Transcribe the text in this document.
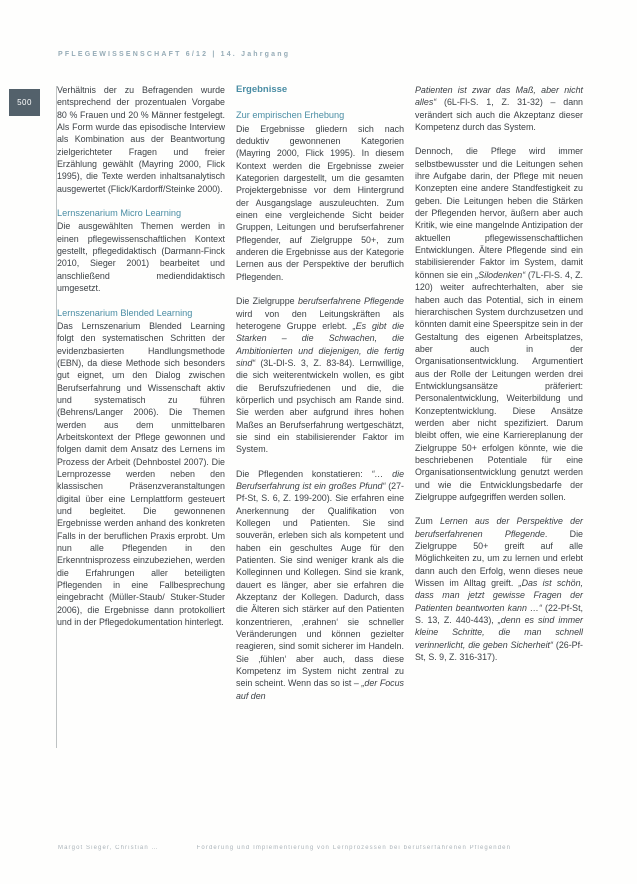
PFLEGEWISSENSCHAFT 6/12 | 14. Jahrgang
500

Verhältnis der zu Befragenden wurde entsprechend der prozentualen Vorgabe 80 % Frauen und 20 % Männer festgelegt. Als Form wurde das episodische Interview als Kombination aus der Beantwortung zielgerichteter Fragen und freier Erzählung gewählt (Mayring 2000, Flick 1995), die Texte werden inhaltsanalytisch ausgewertet (Flick/Kardorff/Steinke 2000).

Lernszenarium Micro Learning

Die ausgewählten Themen werden in einen pflegewissenschaftlichen Kontext gestellt, pflegedidaktisch (Darmann-Finck 2010, Sieger 2001) bearbeitet und anschließend mediendidaktisch umgesetzt.

Lernszenarium Blended Learning

Das Lernszenarium Blended Learning folgt den systematischen Schritten der evidenzbasierten Handlungsmethode (EBN), da diese Methode sich besonders gut eignet, um den Dialog zwischen Berufserfahrung und Wissenschaft aktiv und systematisch zu führen (Behrens/Langer 2006). Die Themen werden aus dem unmittelbaren Arbeitskontext der Pflege gewonnen und folgen damit dem Ansatz des Lernens im Prozess der Arbeit (Dehnbostel 2007). Die Lernprozesse werden neben den klassischen Präsenzveranstaltungen digital über eine Lernplattform gesteuert und begleitet. Die gewonnenen Ergebnisse werden anhand des konkreten Falls in der beruflichen Praxis erprobt. Um nun alle Pflegenden in den Erkenntnisprozess einzubeziehen, werden die Erfahrungen aller beteiligten Pflegenden in eine Fallbesprechung eingebracht (Müller-Staub/ Stuker-Studer 2006), die Ergebnisse dann protokolliert und in der Pflegedokumentation hinterlegt.

Ergebnisse
Zur empirischen Erhebung

Die Ergebnisse gliedern sich nach deduktiv gewonnenen Kategorien (Mayring 2000, Flick 1995). In diesem Kontext werden die Ergebnisse zweier Kategorien dargestellt, um die gesamten Projektergebnisse vor dem Hintergrund der Ausgangslage auszuleuchten. Zum einen eine vergleichende Sicht beider Gruppen, Leitungen und berufserfahrener Pflegender, auf Zielgruppe 50+, zum anderen die Ergebnisse aus der Kategorie Lernen aus der Perspektive der beruflich Pflegenden.

Die Zielgruppe berufserfahrene Pflegende wird von den Leitungskräften als heterogene Gruppe erlebt. „Es gibt die Starken – die Schwachen, die Ambitionierten und diejenigen, die fertig sind“ (3L-Dl-S. 3, Z. 83-84). Lernwillige, die sich weiterentwickeln wollen, es gibt die Berufszufriedenen und die, die körperlich und psychisch am Rande sind. Sie werden aber aufgrund ihres hohen Maßes an Berufserfahrung wertgeschätzt, sie sind ein stabilisierender Faktor im System.

Die Pflegenden konstatieren: “… die Berufserfahrung ist ein großes Pfund“ (27-Pf-St, S. 6, Z. 199-200). Sie erfahren eine Anerkennung der Qualifikation von Kollegen und Patienten. Sie sind souverän, erleben sich als kompetent und haben ein geschultes Auge für den Patienten. Sie sind weniger krank als die Kolleginnen und Kollegen. Sind sie krank, dauert es länger, aber sie erfahren die Akzeptanz der Kollegen. Dadurch, dass die Älteren sich stärker auf den Patienten konzentrieren, ‚erahnen‘ sie schneller Veränderungen und können gezielter reagieren, sind somit sicherer im Handeln. Sie ‚fühlen‘ aber auch, dass diese Kompetenz im System nicht zentral zu sein scheint. Wenn das so ist – „der Focus auf den

Patienten ist zwar das Maß, aber nicht alles“ (6L-Fl-S. 1, Z. 31-32) – dann verändert sich auch die Akzeptanz dieser Kompetenz durch das System.

Dennoch, die Pflege wird immer selbstbewusster und die Leitungen sehen ihre Aufgabe darin, der Pflege mit neuen Konzepten eine andere Standfestigkeit zu geben. Die Leitungen heben die Stärken der Pflegenden hervor, äußern aber auch Kritik, wie eine mangelnde Antizipation der aktuellen pflegewissenschaftlichen Entwicklungen. Ältere Pflegende sind ein stabilisierender Faktor im System, damit können sie ein „Silodenken“ (7L-Fl-S. 4, Z. 120) weiter aufrechterhalten, aber sie haben auch das Potential, sich in einem hierarchischen System durchzusetzen und könnten damit eine Speerspitze sein in der Gestaltung des eigenen Arbeitsplatzes, aber auch in der Organisationsentwicklung. Argumentiert aus der Rolle der Leitungen werden drei Entwicklungsansätze präferiert: Personalentwicklung, Weiterbildung und Konzeptentwicklung. Diese Ansätze werden aber nicht spezifiziert. Darum bleibt offen, wie eine Karriereplanung der Zielgruppe 50+ erfolgen könnte, wie die beschriebenen Potentiale für eine Organisationsentwicklung genutzt werden und wie die Entwicklungsbedarfe der Zielgruppe aufgegriffen werden sollen.

Zum Lernen aus der Perspektive der berufserfahrenen Pflegende. Die Zielgruppe 50+ greift auf alle Möglichkeiten zu, um zu lernen und erlebt dann auch den Erfolg, wenn dieses neue Wissen im Alltag greift. „Das ist schön, dass man jetzt gewisse Fragen der Patienten beantworten kann …“ (22-Pf-St, S. 13, Z. 440-443), „denn es sind immer kleine Schritte, die man schnell verinnerlicht, die geben Sicherheit“ (26-Pf-St, S. 9, Z. 316-317).

Margot Sieger, Christian …	Förderung und Implementierung von Lernprozessen bei berufserfahrenen Pflegenden
